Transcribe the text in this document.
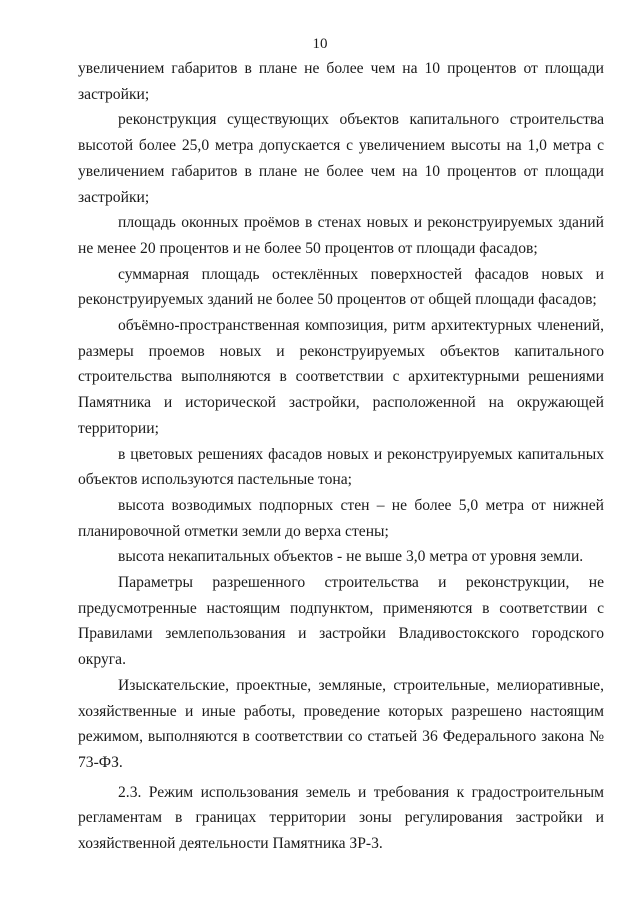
10

увеличением габаритов в плане не более чем на 10 процентов от площади застройки;

реконструкция существующих объектов капитального строительства высотой более 25,0 метра допускается с увеличением высоты на 1,0 метра с увеличением габаритов в плане не более чем на 10 процентов от площади застройки;

площадь оконных проёмов в стенах новых и реконструируемых зданий не менее 20 процентов и не более 50 процентов от площади фасадов;

суммарная площадь остеклённых поверхностей фасадов новых и реконструируемых зданий не более 50 процентов от общей площади фасадов;

объёмно-пространственная композиция, ритм архитектурных членений, размеры проемов новых и реконструируемых объектов капитального строительства выполняются в соответствии с архитектурными решениями Памятника и исторической застройки, расположенной на окружающей территории;

в цветовых решениях фасадов новых и реконструируемых капитальных объектов используются пастельные тона;

высота возводимых подпорных стен – не более 5,0 метра от нижней планировочной отметки земли до верха стены;

высота некапитальных объектов - не выше 3,0 метра от уровня земли.

Параметры разрешенного строительства и реконструкции, не предусмотренные настоящим подпунктом, применяются в соответствии с Правилами землепользования и застройки Владивостокского городского округа.

Изыскательские, проектные, земляные, строительные, мелиоративные, хозяйственные и иные работы, проведение которых разрешено настоящим режимом, выполняются в соответствии со статьей 36 Федерального закона № 73-ФЗ.

2.3. Режим использования земель и требования к градостроительным регламентам в границах территории зоны регулирования застройки и хозяйственной деятельности Памятника ЗР-3.
